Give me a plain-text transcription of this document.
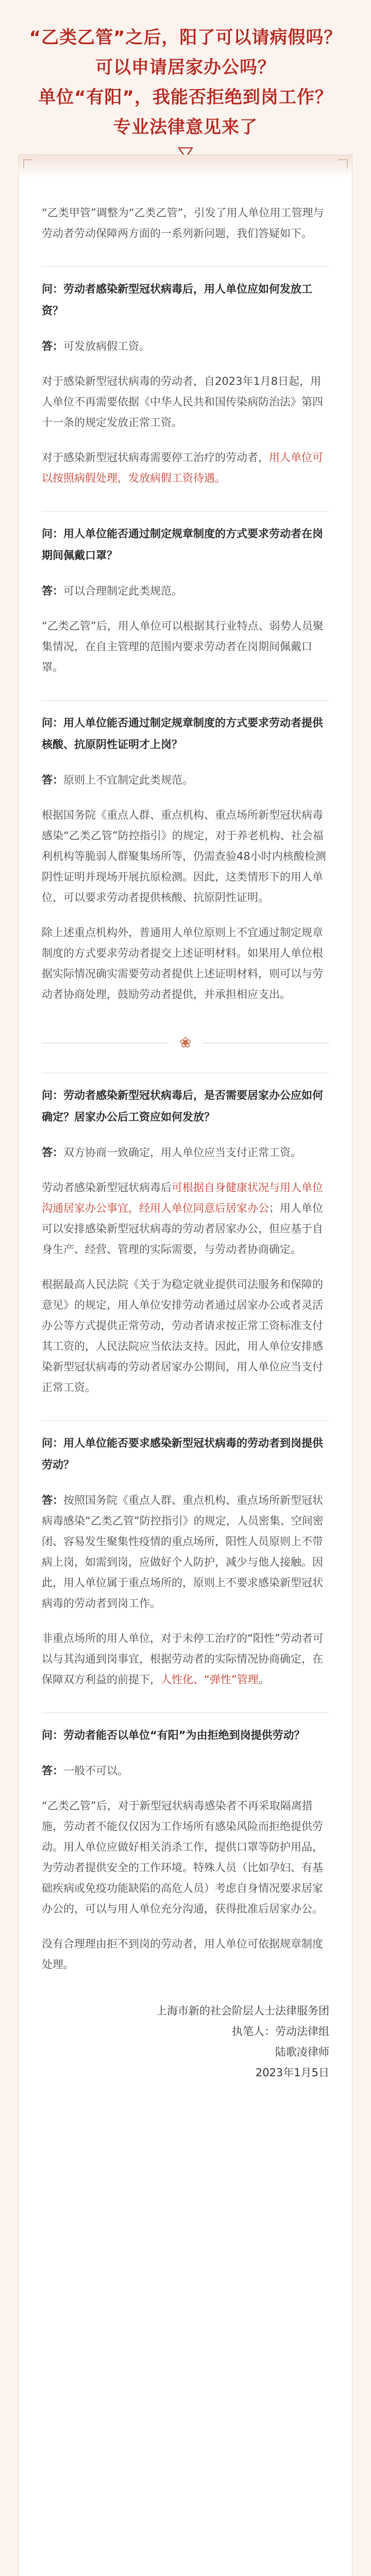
“乙类乙管”之后，阳了可以请病假吗？
可以申请居家办公吗？
单位“有阳”，我能否拒绝到岗工作？
专业法律意见来了

“乙类甲管”调整为“乙类乙管”，引发了用人单位用工管理与劳动者劳动保障两方面的一系列新问题，我们答疑如下。

问：劳动者感染新型冠状病毒后，用人单位应如何发放工资？

答：可发放病假工资。

对于感染新型冠状病毒的劳动者，自2023年1月8日起，用人单位不再需要依据《中华人民共和国传染病防治法》第四十一条的规定发放正常工资。

对于感染新型冠状病毒需要停工治疗的劳动者，用人单位可以按照病假处理，发放病假工资待遇。

问：用人单位能否通过制定规章制度的方式要求劳动者在岗期间佩戴口罩？

答：可以合理制定此类规范。

“乙类乙管”后，用人单位可以根据其行业特点、弱势人员聚集情况，在自主管理的范围内要求劳动者在岗期间佩戴口罩。

问：用人单位能否通过制定规章制度的方式要求劳动者提供核酸、抗原阴性证明才上岗？

答：原则上不宜制定此类规范。

根据国务院《重点人群、重点机构、重点场所新型冠状病毒感染“乙类乙管”防控指引》的规定，对于养老机构、社会福利机构等脆弱人群聚集场所等，仍需查验48小时内核酸检测阴性证明并现场开展抗原检测。因此，这类情形下的用人单位，可以要求劳动者提供核酸、抗原阴性证明。

除上述重点机构外，普通用人单位原则上不宜通过制定规章制度的方式要求劳动者提交上述证明材料。如果用人单位根据实际情况确实需要劳动者提供上述证明材料，则可以与劳动者协商处理，鼓励劳动者提供，并承担相应支出。

❀

问：劳动者感染新型冠状病毒后，是否需要居家办公应如何确定？居家办公后工资应如何发放？

答：双方协商一致确定，用人单位应当支付正常工资。

劳动者感染新型冠状病毒后可根据自身健康状况与用人单位沟通居家办公事宜，经用人单位同意后居家办公；用人单位可以安排感染新型冠状病毒的劳动者居家办公，但应基于自身生产、经营、管理的实际需要，与劳动者协商确定。

根据最高人民法院《关于为稳定就业提供司法服务和保障的意见》的规定，用人单位安排劳动者通过居家办公或者灵活办公等方式提供正常劳动，劳动者请求按正常工资标准支付其工资的，人民法院应当依法支持。因此，用人单位安排感染新型冠状病毒的劳动者居家办公期间，用人单位应当支付正常工资。

问：用人单位能否要求感染新型冠状病毒的劳动者到岗提供劳动？

答：按照国务院《重点人群、重点机构、重点场所新型冠状病毒感染“乙类乙管”防控指引》的规定，人员密集、空间密闭、容易发生聚集性疫情的重点场所，阳性人员原则上不带病上岗，如需到岗，应做好个人防护，减少与他人接触。因此，用人单位属于重点场所的，原则上不要求感染新型冠状病毒的劳动者到岗工作。

非重点场所的用人单位，对于未停工治疗的“阳性”劳动者可以与其沟通到岗事宜，根据劳动者的实际情况协商确定，在保障双方利益的前提下，人性化、“弹性”管理。

问：劳动者能否以单位“有阳”为由拒绝到岗提供劳动？

答：一般不可以。

“乙类乙管”后，对于新型冠状病毒感染者不再采取隔离措施，劳动者不能仅仅因为工作场所有感染风险而拒绝提供劳动。用人单位应做好相关消杀工作，提供口罩等防护用品，为劳动者提供安全的工作环境。特殊人员（比如孕妇、有基础疾病或免疫功能缺陷的高危人员）考虑自身情况要求居家办公的，可以与用人单位充分沟通，获得批准后居家办公。

没有合理理由拒不到岗的劳动者，用人单位可依据规章制度处理。

上海市新的社会阶层人士法律服务团
执笔人：劳动法律组
陆歌凌律师
2023年1月5日
